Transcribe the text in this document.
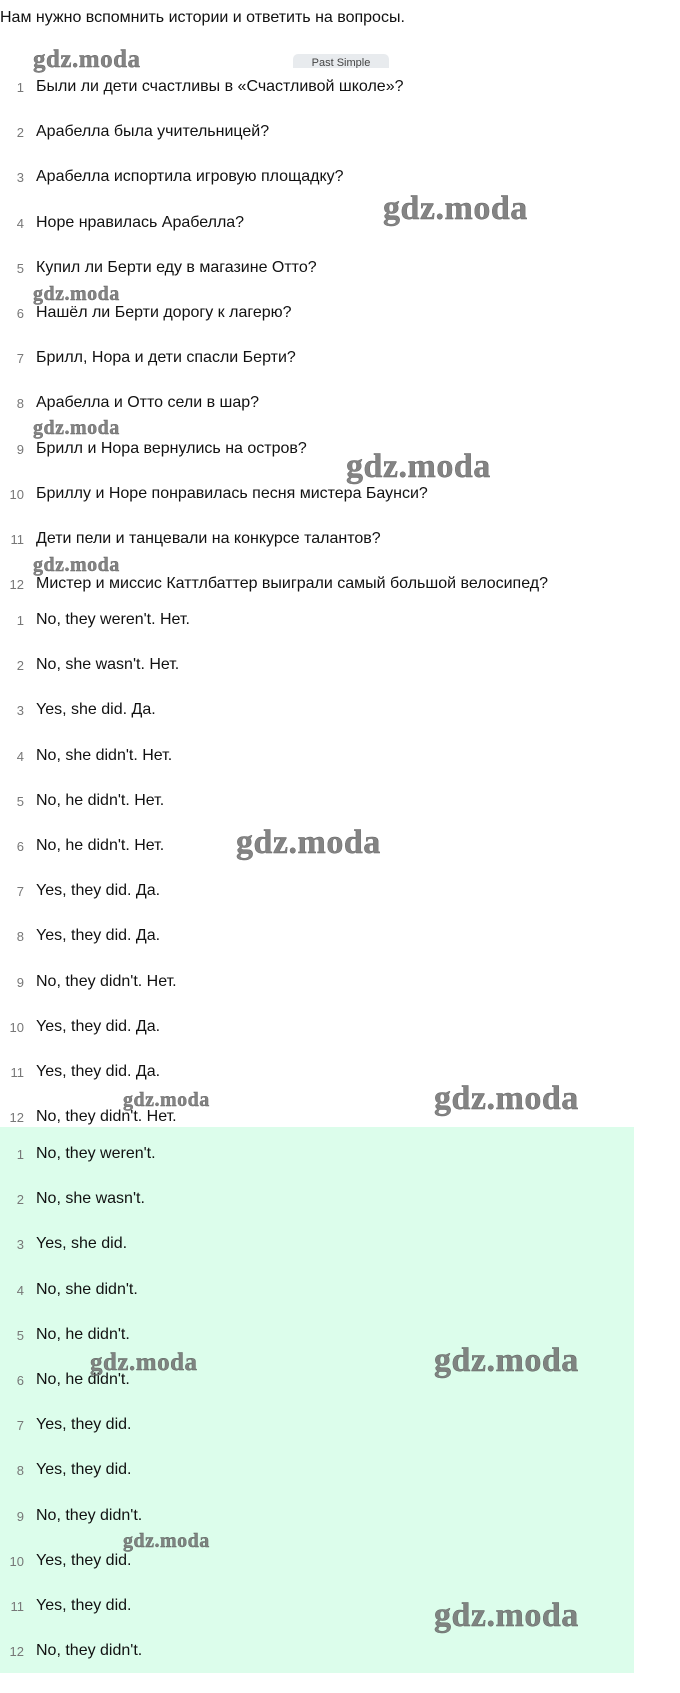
Нам нужно вспомнить истории и ответить на вопросы.
Past Simple
1 Были ли дети счастливы в «Счастливой школе»?
2 Арабелла была учительницей?
3 Арабелла испортила игровую площадку?
4 Норе нравилась Арабелла?
5 Купил ли Берти еду в магазине Отто?
6 Нашёл ли Берти дорогу к лагерю?
7 Брилл, Нора и дети спасли Берти?
8 Арабелла и Отто сели в шар?
9 Брилл и Нора вернулись на остров?
10 Бриллу и Норе понравилась песня мистера Баунси?
11 Дети пели и танцевали на конкурсе талантов?
12 Мистер и миссис Каттлбаттер выиграли самый большой велосипед?
1 No, they weren't. Нет.
2 No, she wasn't. Нет.
3 Yes, she did. Да.
4 No, she didn't. Нет.
5 No, he didn't. Нет.
6 No, he didn't. Нет.
7 Yes, they did. Да.
8 Yes, they did. Да.
9 No, they didn't. Нет.
10 Yes, they did. Да.
11 Yes, they did. Да.
12 No, they didn't. Нет.
1 No, they weren't.
2 No, she wasn't.
3 Yes, she did.
4 No, she didn't.
5 No, he didn't.
6 No, he didn't.
7 Yes, they did.
8 Yes, they did.
9 No, they didn't.
10 Yes, they did.
11 Yes, they did.
12 No, they didn't.
gdz.moda
gdz.moda
gdz.moda
gdz.moda
gdz.moda
gdz.moda
gdz.moda
gdz.moda	gdz.moda
gdz.moda	gdz.moda
gdz.moda
gdz.moda
